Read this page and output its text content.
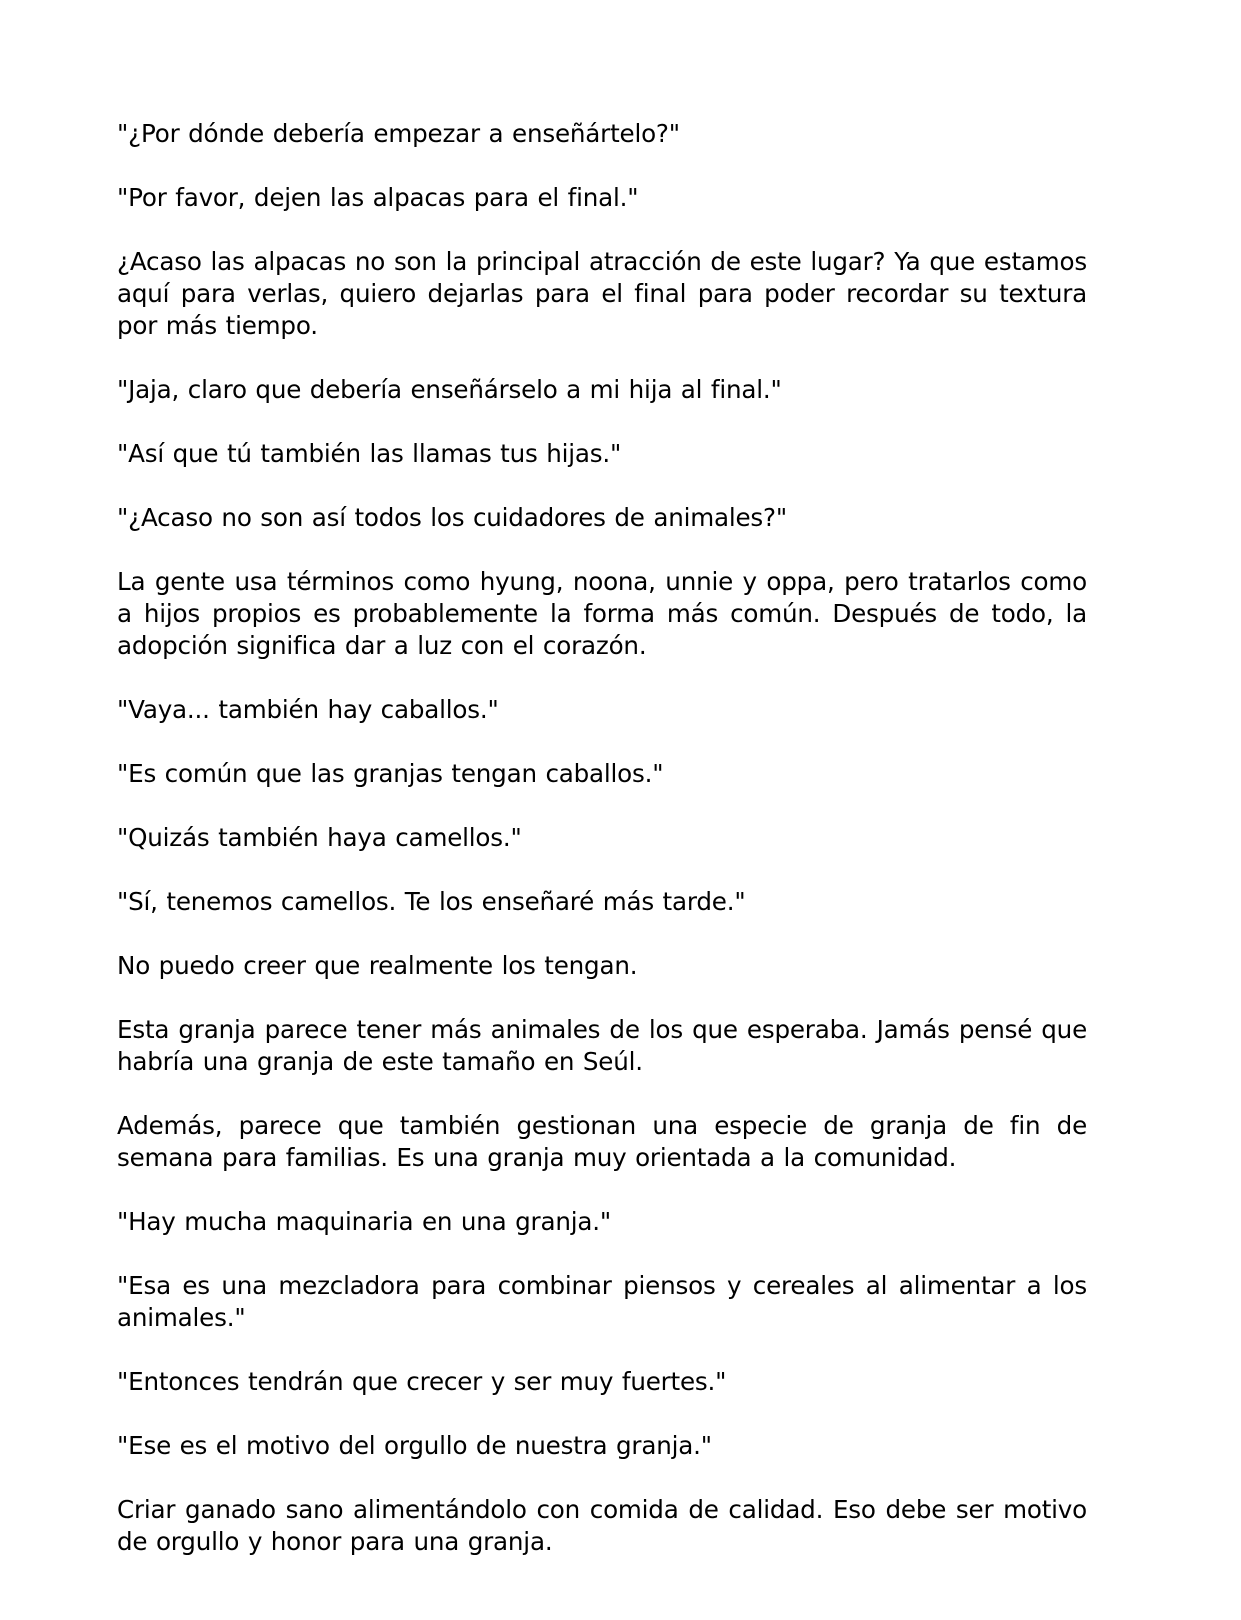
"¿Por dónde debería empezar a enseñártelo?"

"Por favor, dejen las alpacas para el final."

¿Acaso las alpacas no son la principal atracción de este lugar? Ya que estamos aquí para verlas, quiero dejarlas para el final para poder recordar su textura por más tiempo.

"Jaja, claro que debería enseñárselo a mi hija al final."

"Así que tú también las llamas tus hijas."

"¿Acaso no son así todos los cuidadores de animales?"

La gente usa términos como hyung, noona, unnie y oppa, pero tratarlos como a hijos propios es probablemente la forma más común. Después de todo, la adopción significa dar a luz con el corazón.

"Vaya... también hay caballos."

"Es común que las granjas tengan caballos."

"Quizás también haya camellos."

"Sí, tenemos camellos. Te los enseñaré más tarde."

No puedo creer que realmente los tengan.

Esta granja parece tener más animales de los que esperaba. Jamás pensé que habría una granja de este tamaño en Seúl.

Además, parece que también gestionan una especie de granja de fin de semana para familias. Es una granja muy orientada a la comunidad.

"Hay mucha maquinaria en una granja."

"Esa es una mezcladora para combinar piensos y cereales al alimentar a los animales."

"Entonces tendrán que crecer y ser muy fuertes."

"Ese es el motivo del orgullo de nuestra granja."

Criar ganado sano alimentándolo con comida de calidad. Eso debe ser motivo de orgullo y honor para una granja.
